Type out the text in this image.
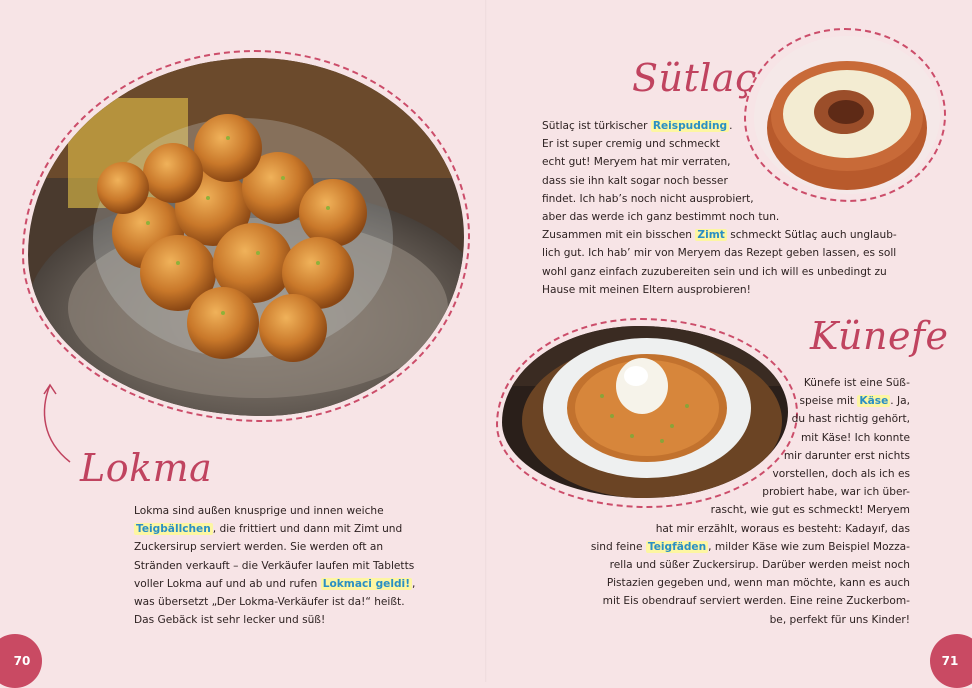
Lokma
Lokma sind außen knusprige und innen weiche
Teigbällchen , die frittiert und dann mit Zimt und
Zuckersirup serviert werden. Sie werden oft an
Stränden verkauft – die Verkäufer laufen mit Tabletts
voller Lokma auf und ab und rufen Lokmaci geldi! ,
was übersetzt „Der Lokma-Verkäufer ist da!“ heißt.
Das Gebäck ist sehr lecker und süß!
Sütlaç
Sütlaç ist türkischer Reispudding .
Er ist super cremig und schmeckt
echt gut! Meryem hat mir verraten,
dass sie ihn kalt sogar noch besser
findet. Ich hab’s noch nicht ausprobiert,
aber das werde ich ganz bestimmt noch tun.
Zusammen mit ein bisschen Zimt schmeckt Sütlaç auch unglaub-
lich gut. Ich hab’ mir von Meryem das Rezept geben lassen, es soll
wohl ganz einfach zuzubereiten sein und ich will es unbedingt zu
Hause mit meinen Eltern ausprobieren!
Künefe
Künefe ist eine Süß-
speise mit Käse . Ja,
du hast richtig gehört,
mit Käse! Ich konnte
mir darunter erst nichts
vorstellen, doch als ich es
probiert habe, war ich über-
rascht, wie gut es schmeckt! Meryem
hat mir erzählt, woraus es besteht: Kadayıf, das
sind feine Teigfäden , milder Käse wie zum Beispiel Mozza-
rella und süßer Zuckersirup. Darüber werden meist noch
Pistazien gegeben und, wenn man möchte, kann es auch
mit Eis obendrauf serviert werden. Eine reine Zuckerbom-
be, perfekt für uns Kinder!
70	71
